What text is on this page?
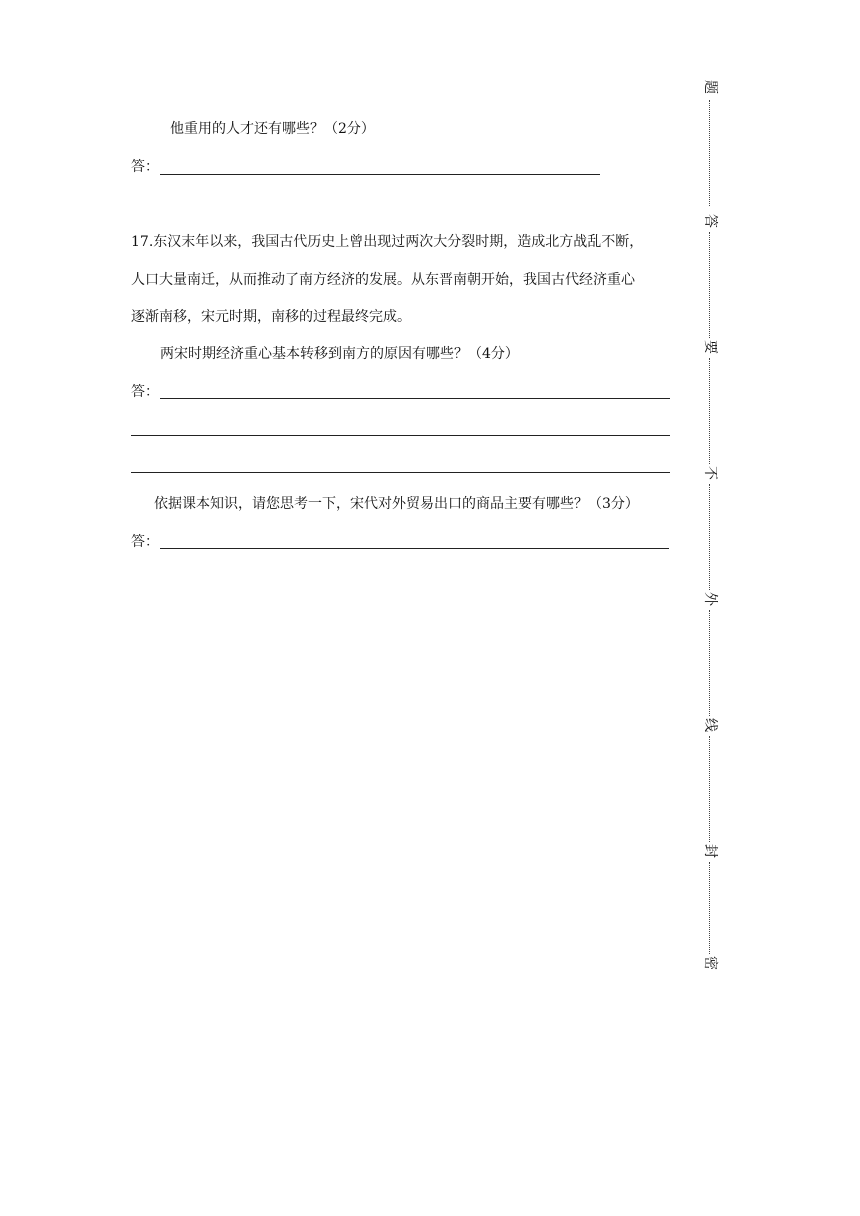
他重用的人才还有哪些？（2分）
答：
17.东汉末年以来，我国古代历史上曾出现过两次大分裂时期，造成北方战乱不断，
人口大量南迁，从而推动了南方经济的发展。从东晋南朝开始，我国古代经济重心
逐渐南移，宋元时期，南移的过程最终完成。
两宋时期经济重心基本转移到南方的原因有哪些？（4分）
答：
依据课本知识，请您思考一下，宋代对外贸易出口的商品主要有哪些？（3分）
答：
题
答
要
不
外
线
封
密
